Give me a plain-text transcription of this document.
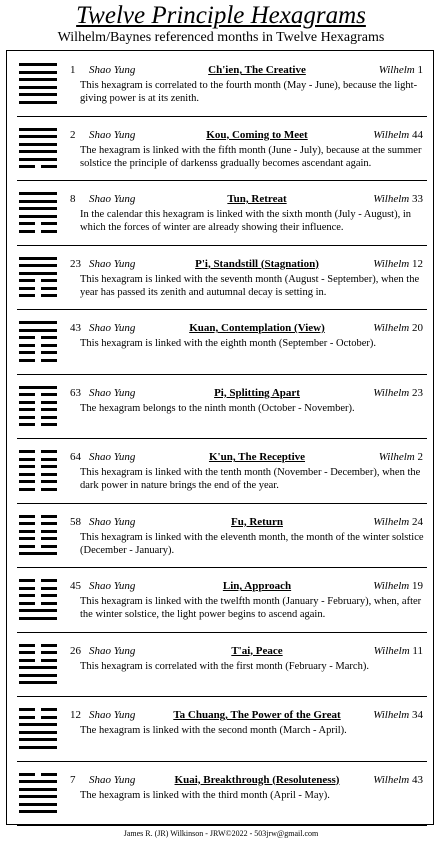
Twelve Principle Hexagrams
Wilhelm/Baynes referenced months in Twelve Hexagrams
1 Shao Yung	Ch'ien, The Creative	Wilhelm 1
This hexagram is correlated to the fourth month (May - June), because the light-giving power is at its zenith.
2 Shao Yung	Kou, Coming to Meet	Wilhelm 44
The hexagram is linked with the fifth month (June - July), because at the summer solstice the principle of darkenss gradually becomes ascendant again.
8 Shao Yung	Tun, Retreat	Wilhelm 33
In the calendar this hexagram is linked with the sixth month (July - August), in which the forces of winter are already showing their influence.
23 Shao Yung	P'i, Standstill (Stagnation)	Wilhelm 12
This hexagram is linked with the seventh month (August - September), when the year has passed its zenith and autumnal decay is setting in.
43 Shao Yung	Kuan, Contemplation (View)	Wilhelm 20
This hexagram is linked with the eighth month (September - October).
63 Shao Yung	Pi, Splitting Apart	Wilhelm 23
The hexagram belongs to the ninth month (October - November).
64 Shao Yung	K'un, The Receptive	Wilhelm 2
This hexagram is linked with the tenth month (November - December), when the dark power in nature brings the end of the year.
58 Shao Yung	Fu, Return	Wilhelm 24
This hexagram is linked with the eleventh month, the month of the winter solstice (December - January).
45 Shao Yung	Lin, Approach	Wilhelm 19
This hexagram is linked with the twelfth month (January - February), when, after the winter solstice, the light power begins to ascend again.
26 Shao Yung	T'ai, Peace	Wilhelm 11
This hexagram is correlated with the first month (February - March).
12 Shao Yung	Ta Chuang, The Power of the Great	Wilhelm 34
The hexagram is linked with the second month (March - April).
7 Shao Yung	Kuai, Breakthrough (Resoluteness)	Wilhelm 43
The hexagram is linked with the third month (April - May).
James R. (JR) Wilkinson - JRW©2022 - 503jrw@gmail.com
